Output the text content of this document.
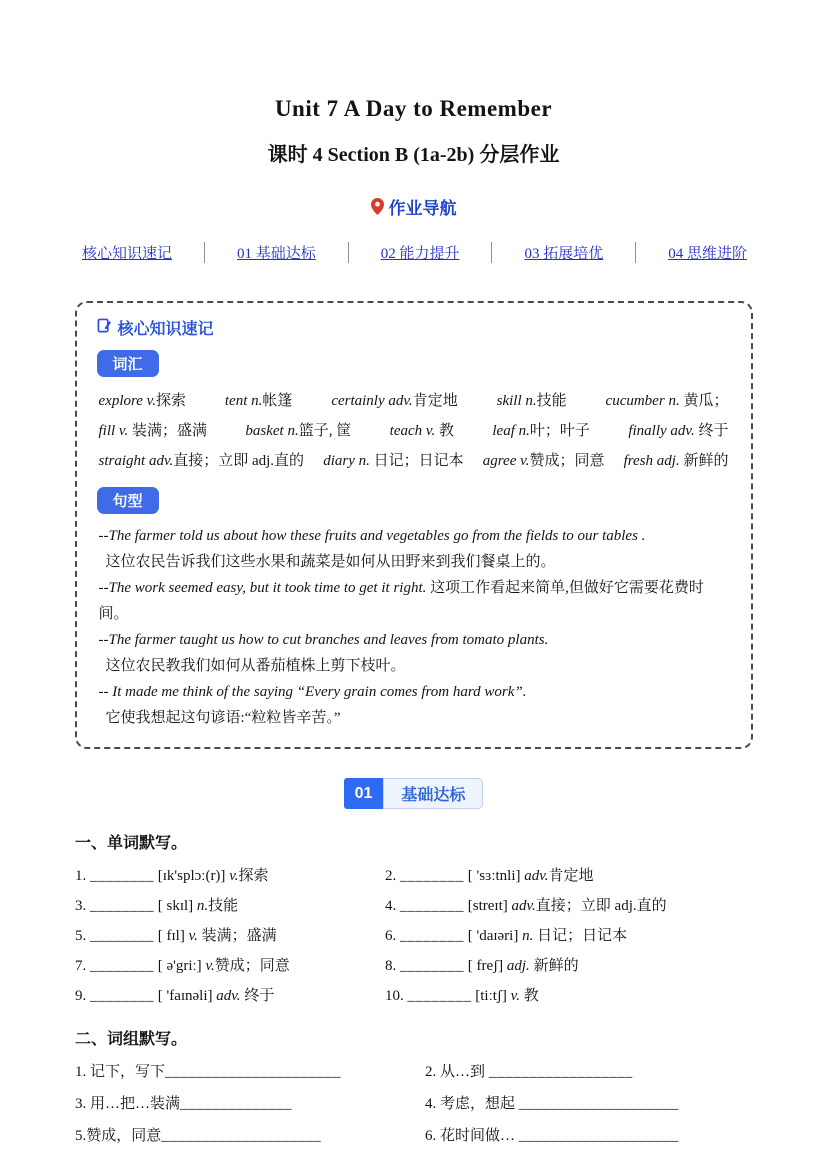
Unit 7 A Day to Remember
课时 4 Section B (1a-2b) 分层作业
作业导航
核心知识速记	01 基础达标	02 能力提升	03 拓展培优	04 思维进阶
核心知识速记
词汇
explore v.探索	tent n.帐篷	certainly adv.肯定地	skill n.技能	cucumber n. 黄瓜；
fill v. 装满；盛满	basket n.篮子, 筐	teach v. 教	leaf n.叶；叶子	finally adv. 终于
straight adv.直接；立即 adj.直的 diary n. 日记；日记本 agree v.赞成；同意 fresh adj. 新鲜的
句型
--The farmer told us about how these fruits and vegetables go from the fields to our tables .
这位农民告诉我们这些水果和蔬菜是如何从田野来到我们餐桌上的。
--The work seemed easy, but it took time to get it right. 这项工作看起来简单,但做好它需要花费时间。
--The farmer taught us how to cut branches and leaves from tomato plants.
这位农民教我们如何从番茄植株上剪下枝叶。
-- It made me think of the saying “Every grain comes from hard work”.
它使我想起这句谚语:“粒粒皆辛苦。”
01	基础达标
一、单词默写。
1. ________ [ɪk'splɔː(r)] v.探索	2. ________ [ 'sɜːtnli] adv.肯定地
3. ________ [ skɪl] n.技能	4. ________ [streɪt] adv.直接；立即 adj.直的
5. ________ [ fɪl] v. 装满；盛满	6. ________ [ 'daɪəri] n. 日记；日记本
7. ________ [ ə'griː] v.赞成；同意	8. ________ [ freʃ] adj. 新鲜的
9. ________ [ 'faɪnəli] adv. 终于	10. ________ [tiːtʃ] v. 教
二、词组默写。
1. 记下，写下______________________	2. 从…到 __________________
3. 用…把…装满______________	4. 考虑，想起 ____________________
5.赞成，同意____________________	6. 花时间做… ____________________
